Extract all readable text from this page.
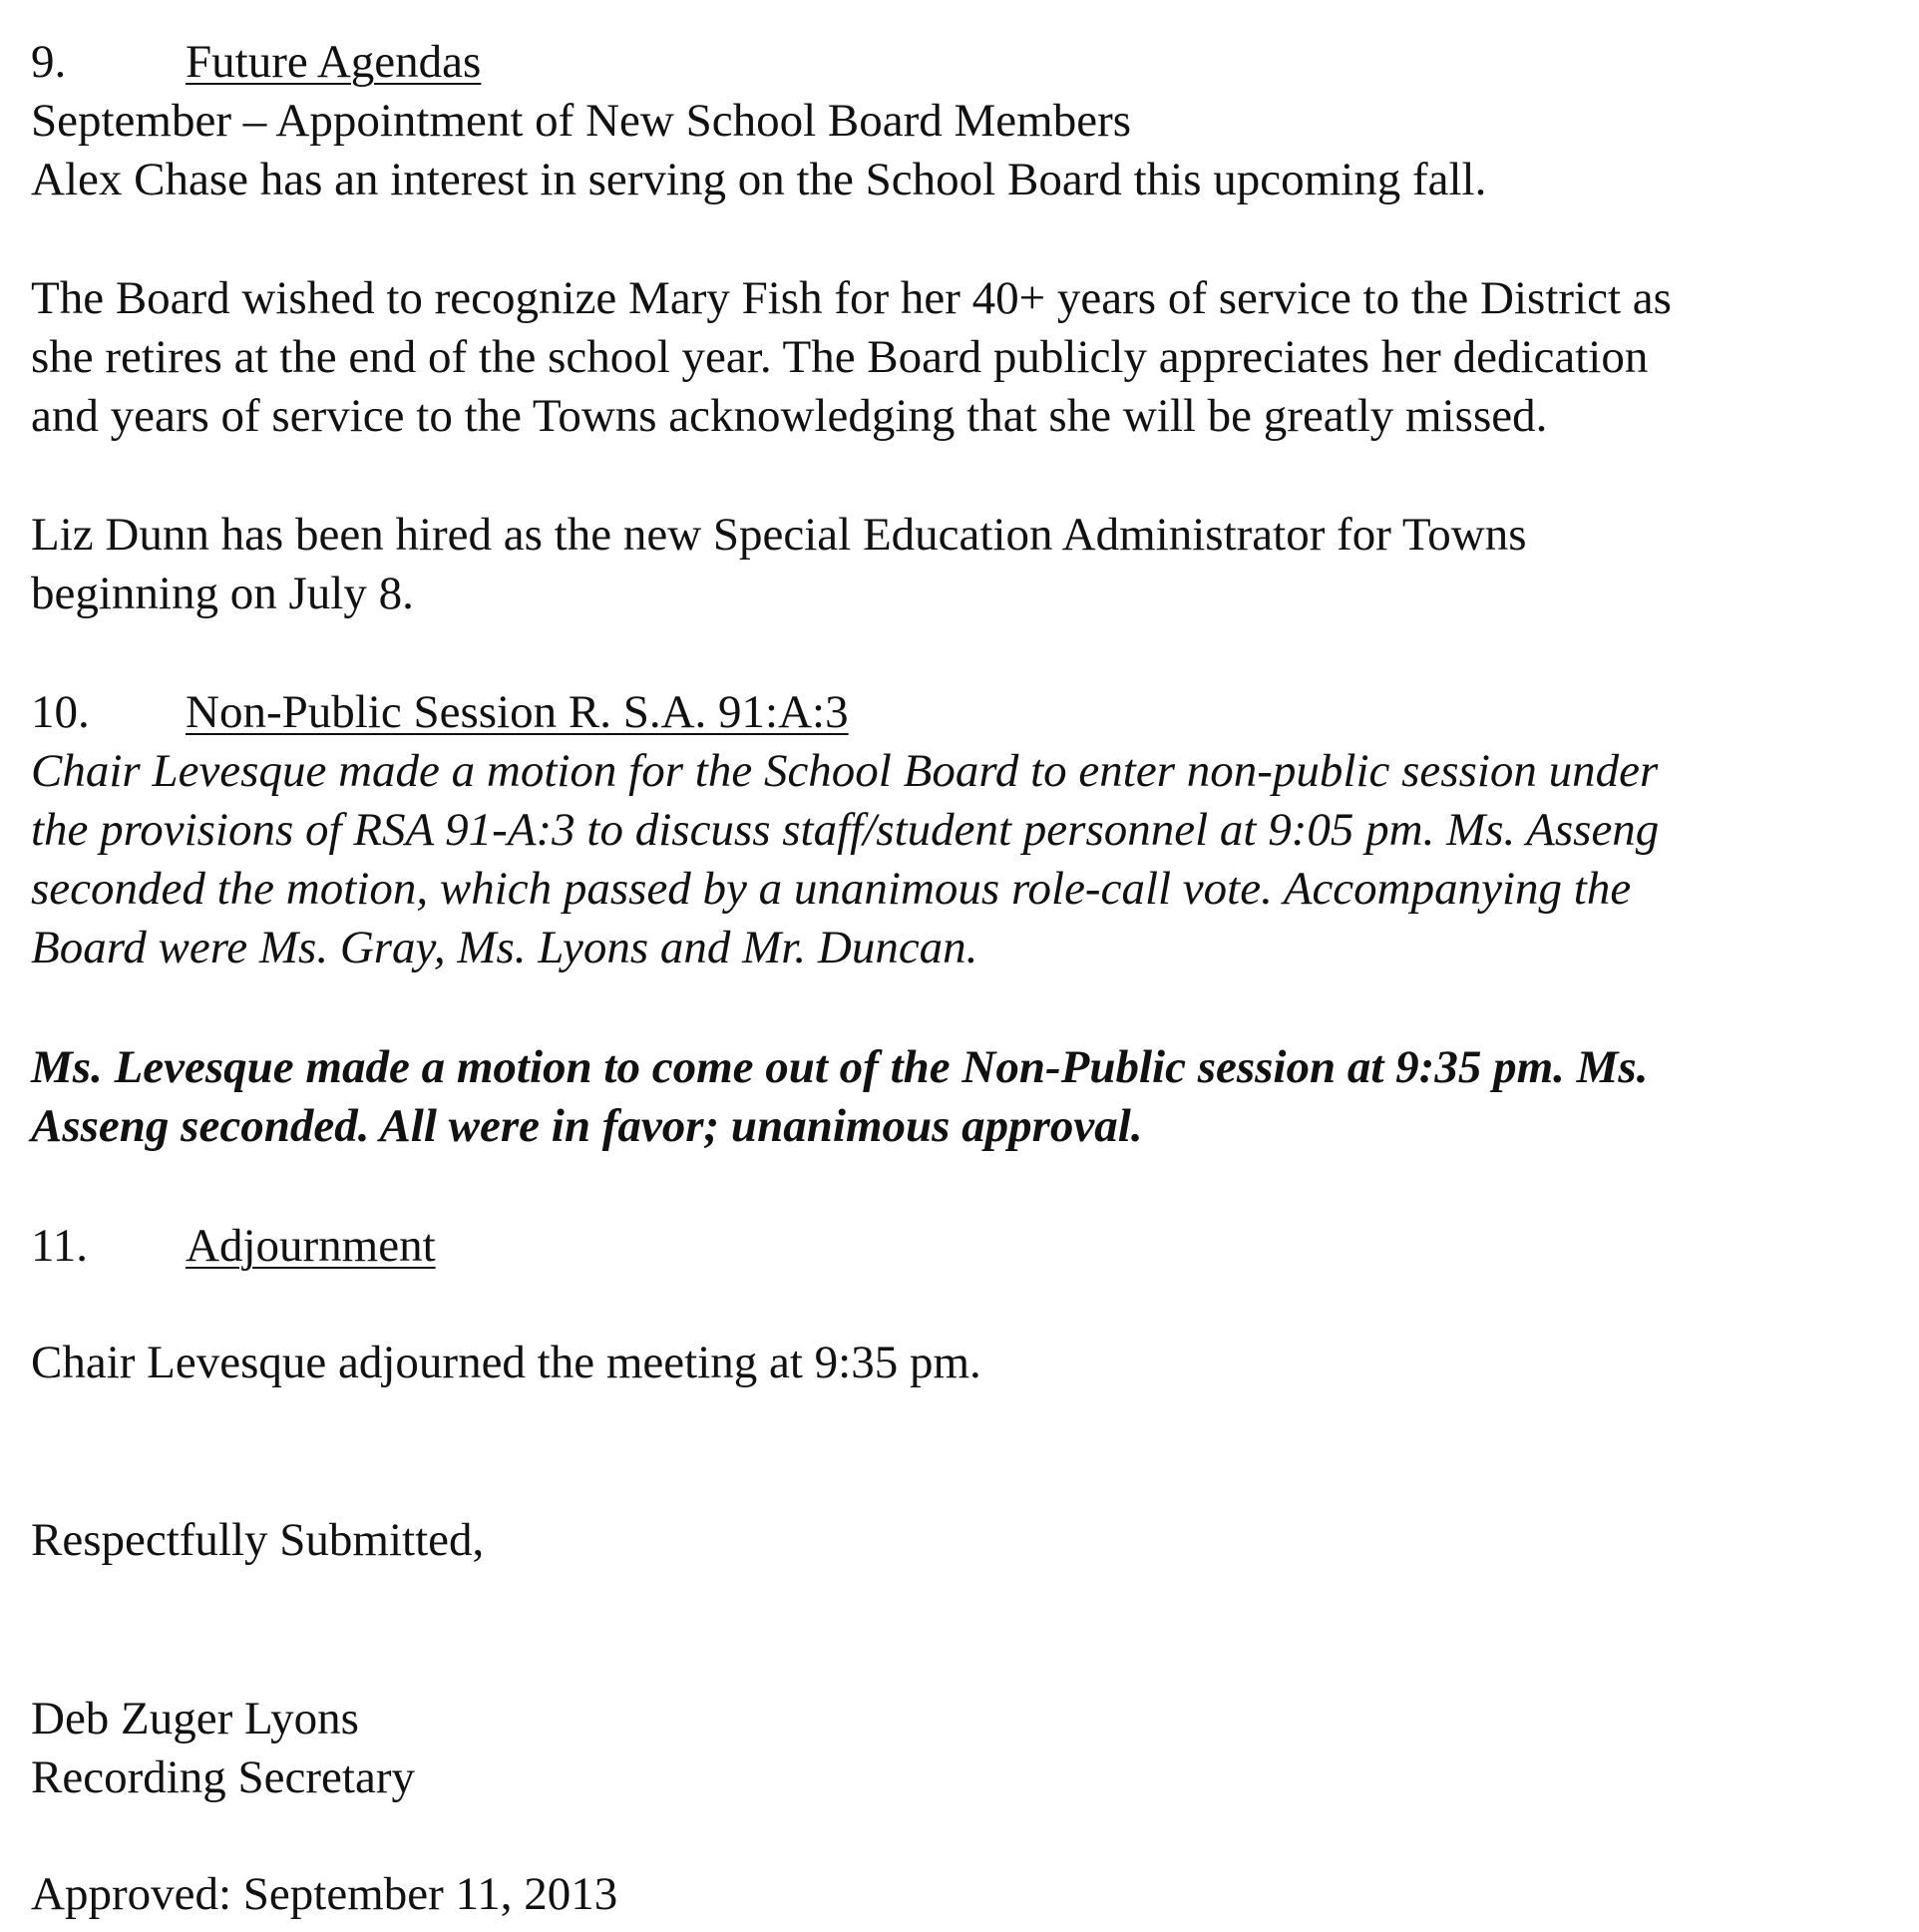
9.	Future Agendas
September – Appointment of New School Board Members
Alex Chase has an interest in serving on the School Board this upcoming fall.
The Board wished to recognize Mary Fish for her 40+ years of service to the District as
she retires at the end of the school year. The Board publicly appreciates her dedication
and years of service to the Towns acknowledging that she will be greatly missed.
Liz Dunn has been hired as the new Special Education Administrator for Towns
beginning on July 8.
10. Non-Public Session R. S.A. 91:A:3
Chair Levesque made a motion for the School Board to enter non-public session under
the provisions of RSA 91-A:3 to discuss staff/student personnel at 9:05 pm. Ms. Asseng
seconded the motion, which passed by a unanimous role-call vote. Accompanying the
Board were Ms. Gray, Ms. Lyons and Mr. Duncan.
Ms. Levesque made a motion to come out of the Non-Public session at 9:35 pm. Ms.
Asseng seconded. All were in favor; unanimous approval.
11. Adjournment
Chair Levesque adjourned the meeting at 9:35 pm.
Respectfully Submitted,
Deb Zuger Lyons
Recording Secretary
Approved: September 11, 2013
